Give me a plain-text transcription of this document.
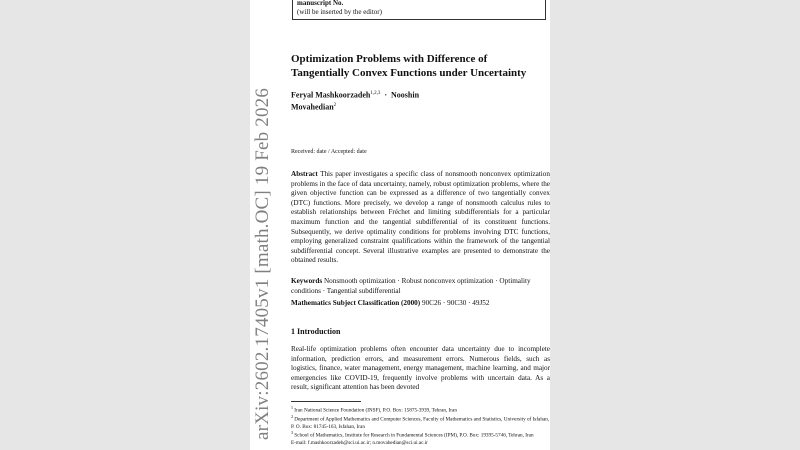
arXiv:2602.17405v1 [math.OC] 19 Feb 2026
manuscript No.
(will be inserted by the editor)
Optimization Problems with Difference of
Tangentially Convex Functions under Uncertainty
Feryal Mashkoorzadeh$^{1,2,3}$ · Nooshin
Movahedian$^2$
Received: date / Accepted: date
Abstract This paper investigates a specific class of nonsmooth nonconvex optimization problems in the face of data uncertainty, namely, robust optimization problems, where the given objective function can be expressed as a difference of two tangentially convex (DTC) functions. More precisely, we develop a range of nonsmooth calculus rules to establish relationships between Fréchet and limiting subdifferentials for a particular maximum function and the tangential subdifferential of its constituent functions. Subsequently, we derive optimality conditions for problems involving DTC functions, employing generalized constraint qualifications within the framework of the tangential subdifferential concept. Several illustrative examples are presented to demonstrate the obtained results.
Keywords Nonsmooth optimization · Robust nonconvex optimization · Optimality conditions · Tangential subdifferential
Mathematics Subject Classification (2000) 90C26 · 90C30 · 49J52
1 Introduction
Real-life optimization problems often encounter data uncertainty due to incomplete information, prediction errors, and measurement errors. Numerous fields, such as logistics, finance, water management, energy management, machine learning, and major emergencies like COVID-19, frequently involve problems with uncertain data. As a result, significant attention has been devoted
$^1$ Iran National Science Foundation (INSF), P.O. Box: 15875-3939, Tehran, Iran
$^2$ Department of Applied Mathematics and Computer Sciences, Faculty of Mathematics and Statistics, University of Isfahan, P. O. Box: 81745-163, Isfahan, Iran
$^3$ School of Mathematics, Institute for Research in Fundamental Sciences (IPM), P.O. Box: 19395-5746, Tehran, Iran
E-mail: f.mashkoorzadeh@sci.ui.ac.ir; n.movahedian@sci.ui.ac.ir
